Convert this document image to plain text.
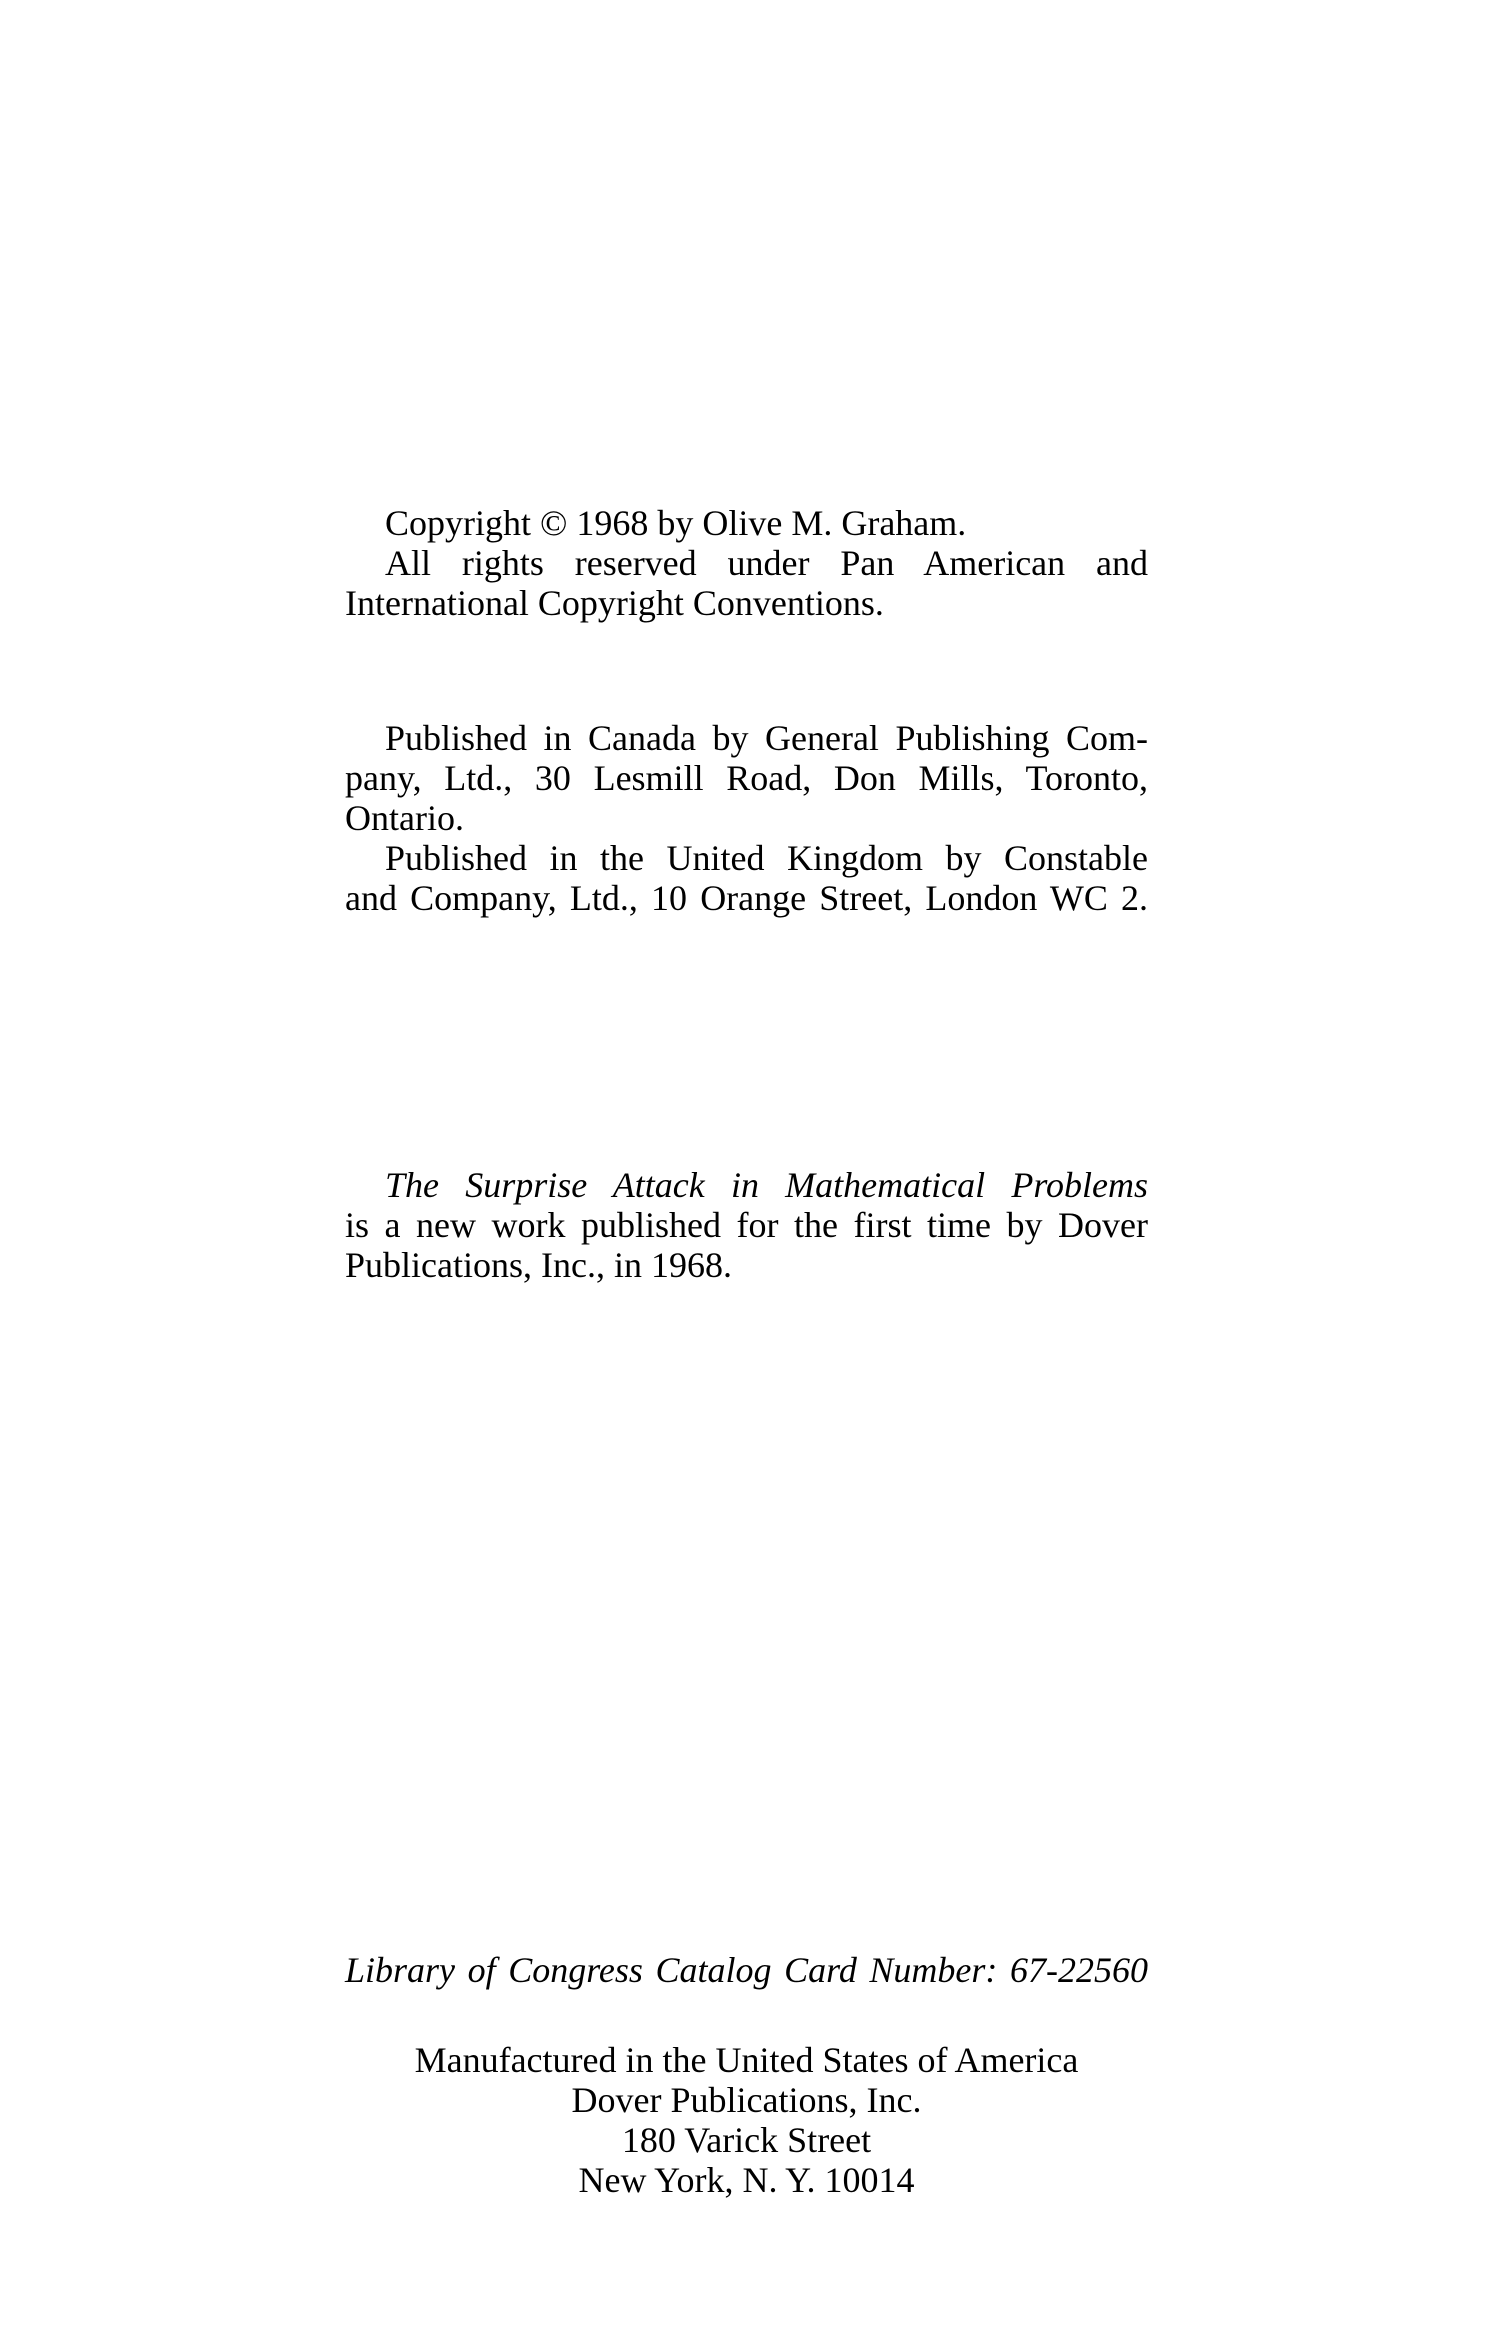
Copyright © 1968 by Olive M. Graham.
All rights reserved under Pan American and
International Copyright Conventions.
Published in Canada by General Publishing Com-
pany, Ltd., 30 Lesmill Road, Don Mills, Toronto,
Ontario.
Published in the United Kingdom by Constable
and Company, Ltd., 10 Orange Street, London WC 2.
The Surprise Attack in Mathematical Problems
is a new work published for the first time by Dover
Publications, Inc., in 1968.
Library of Congress Catalog Card Number: 67-22560
Manufactured in the United States of America
Dover Publications, Inc.
180 Varick Street
New York, N. Y. 10014
